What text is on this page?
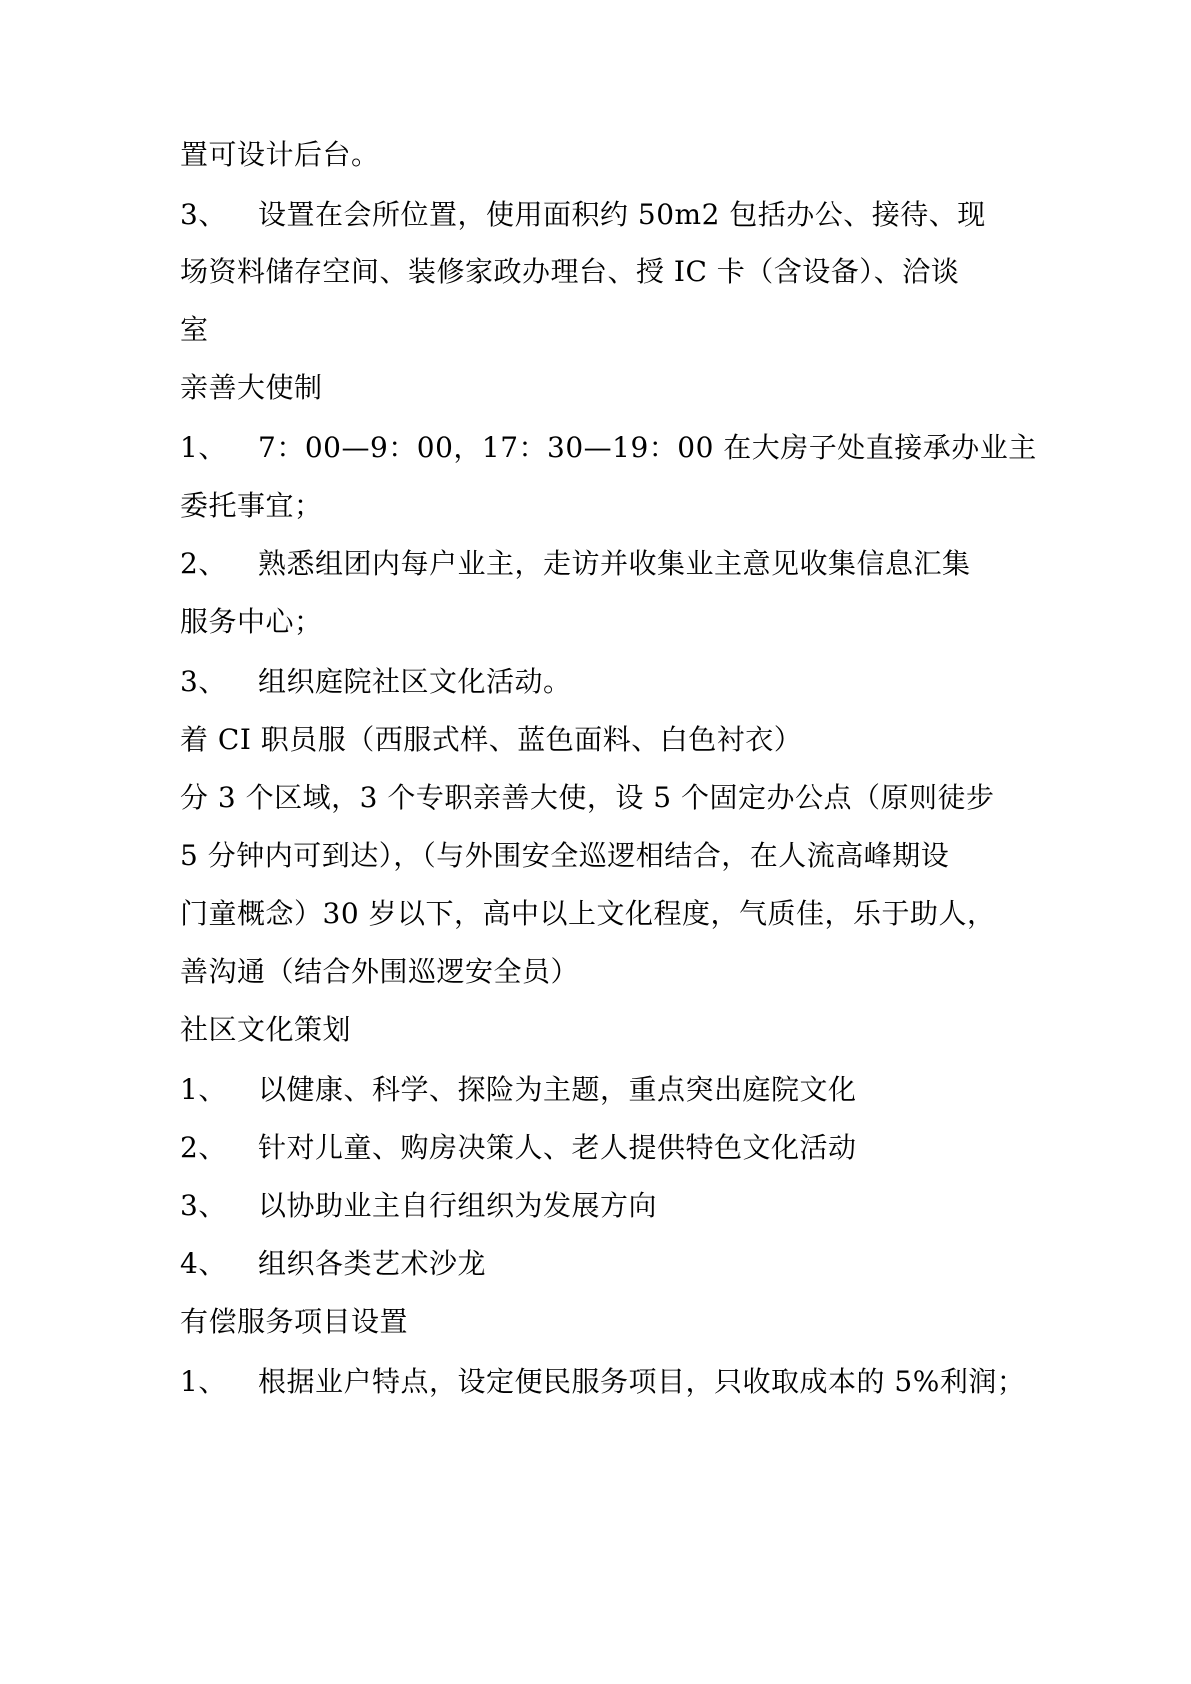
置可设计后台。
3、 设置在会所位置，使用面积约 50m2 包括办公、接待、现
场资料储存空间、装修家政办理台、授 IC 卡（含设备）、洽谈
室
亲善大使制
1、 7：00—9：00，17：30—19：00 在大房子处直接承办业主
委托事宜；
2、 熟悉组团内每户业主，走访并收集业主意见收集信息汇集
服务中心；
3、 组织庭院社区文化活动。
着 CI 职员服（西服式样、蓝色面料、白色衬衣）
分 3 个区域，3 个专职亲善大使，设 5 个固定办公点（原则徒步
5 分钟内可到达），（与外围安全巡逻相结合，在人流高峰期设
门童概念）30 岁以下，高中以上文化程度，气质佳，乐于助人，
善沟通（结合外围巡逻安全员）
社区文化策划
1、 以健康、科学、探险为主题，重点突出庭院文化
2、 针对儿童、购房决策人、老人提供特色文化活动
3、 以协助业主自行组织为发展方向
4、 组织各类艺术沙龙
有偿服务项目设置
1、 根据业户特点，设定便民服务项目，只收取成本的 5%利润；
